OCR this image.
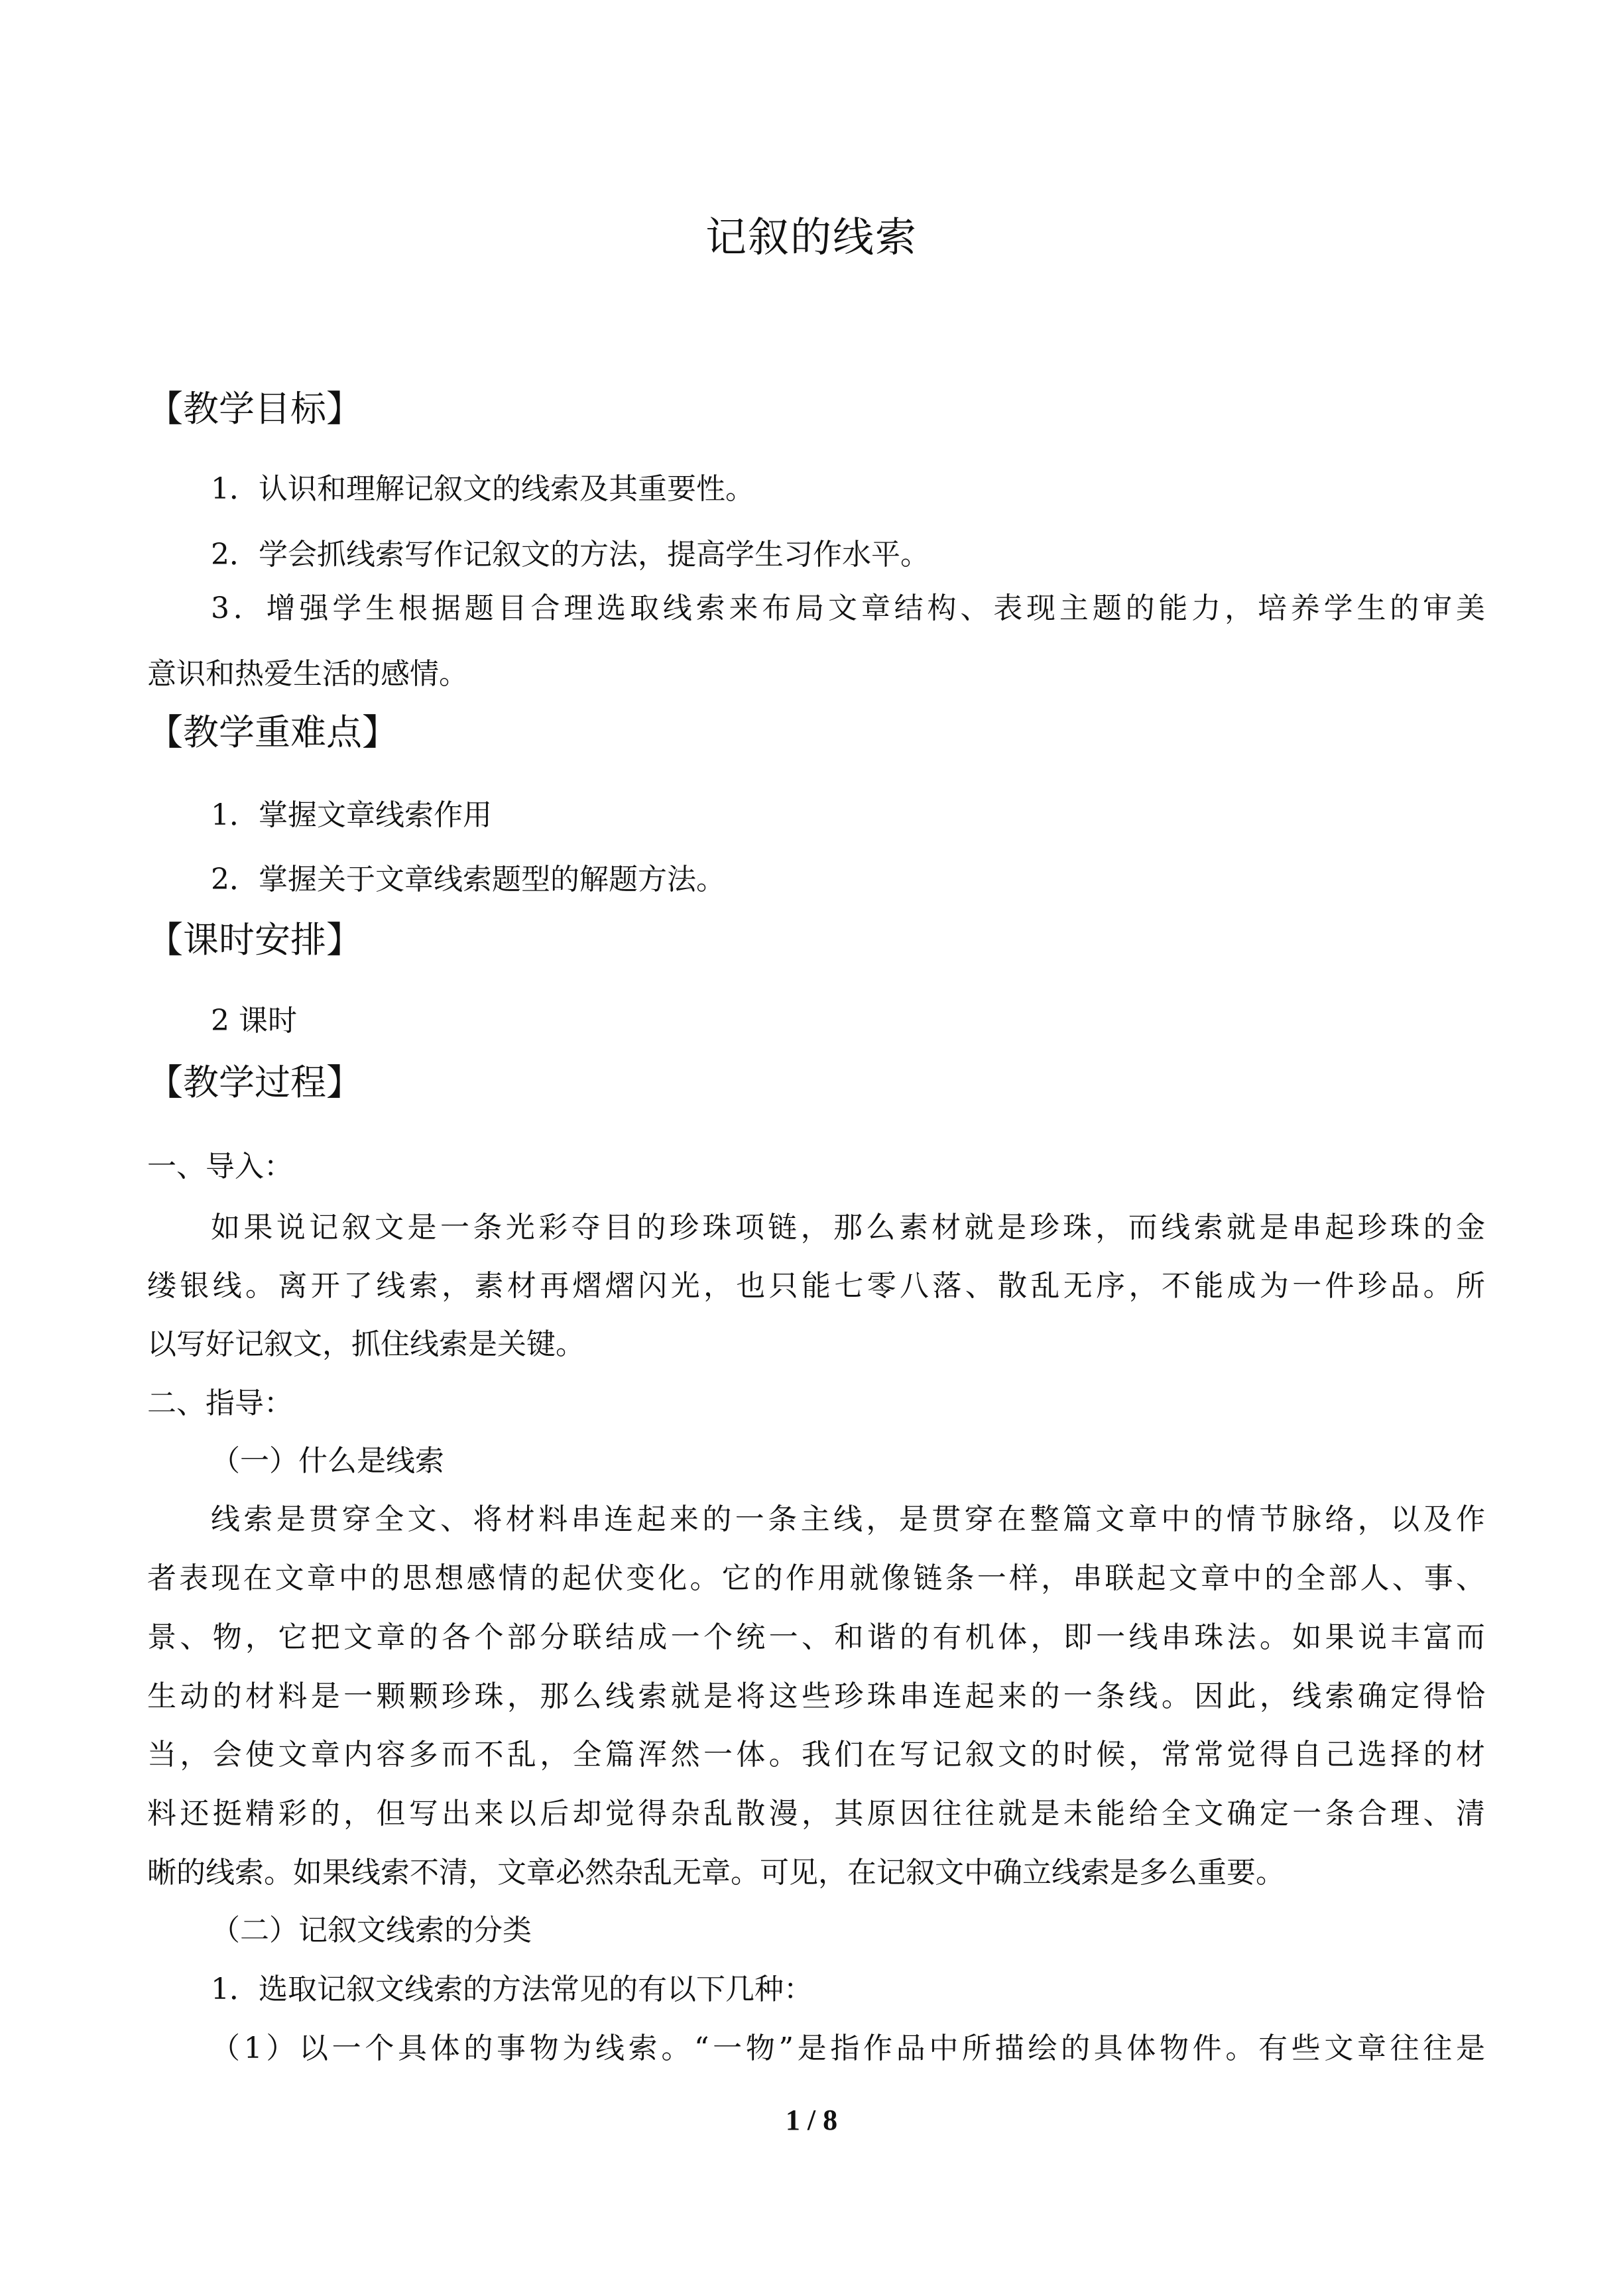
记叙的线索
【教学目标】
1．认识和理解记叙文的线索及其重要性。
2．学会抓线索写作记叙文的方法，提高学生习作水平。
3．增强学生根据题目合理选取线索来布局文章结构、表现主题的能力，培养学生的审美
意识和热爱生活的感情。
【教学重难点】
1．掌握文章线索作用
2．掌握关于文章线索题型的解题方法。
【课时安排】
2 课时
【教学过程】
一、导入：
如果说记叙文是一条光彩夺目的珍珠项链，那么素材就是珍珠，而线索就是串起珍珠的金
缕银线。离开了线索，素材再熠熠闪光，也只能七零八落、散乱无序，不能成为一件珍品。所
以写好记叙文，抓住线索是关键。
二、指导：
（一）什么是线索
线索是贯穿全文、将材料串连起来的一条主线，是贯穿在整篇文章中的情节脉络，以及作
者表现在文章中的思想感情的起伏变化。它的作用就像链条一样，串联起文章中的全部人、事、
景、物，它把文章的各个部分联结成一个统一、和谐的有机体，即一线串珠法。如果说丰富而
生动的材料是一颗颗珍珠，那么线索就是将这些珍珠串连起来的一条线。因此，线索确定得恰
当，会使文章内容多而不乱，全篇浑然一体。我们在写记叙文的时候，常常觉得自己选择的材
料还挺精彩的，但写出来以后却觉得杂乱散漫，其原因往往就是未能给全文确定一条合理、清
晰的线索。如果线索不清，文章必然杂乱无章。可见，在记叙文中确立线索是多么重要。
（二）记叙文线索的分类
1．选取记叙文线索的方法常见的有以下几种：
（1）以一个具体的事物为线索。“一物”是指作品中所描绘的具体物件。有些文章往往是
1 / 8
